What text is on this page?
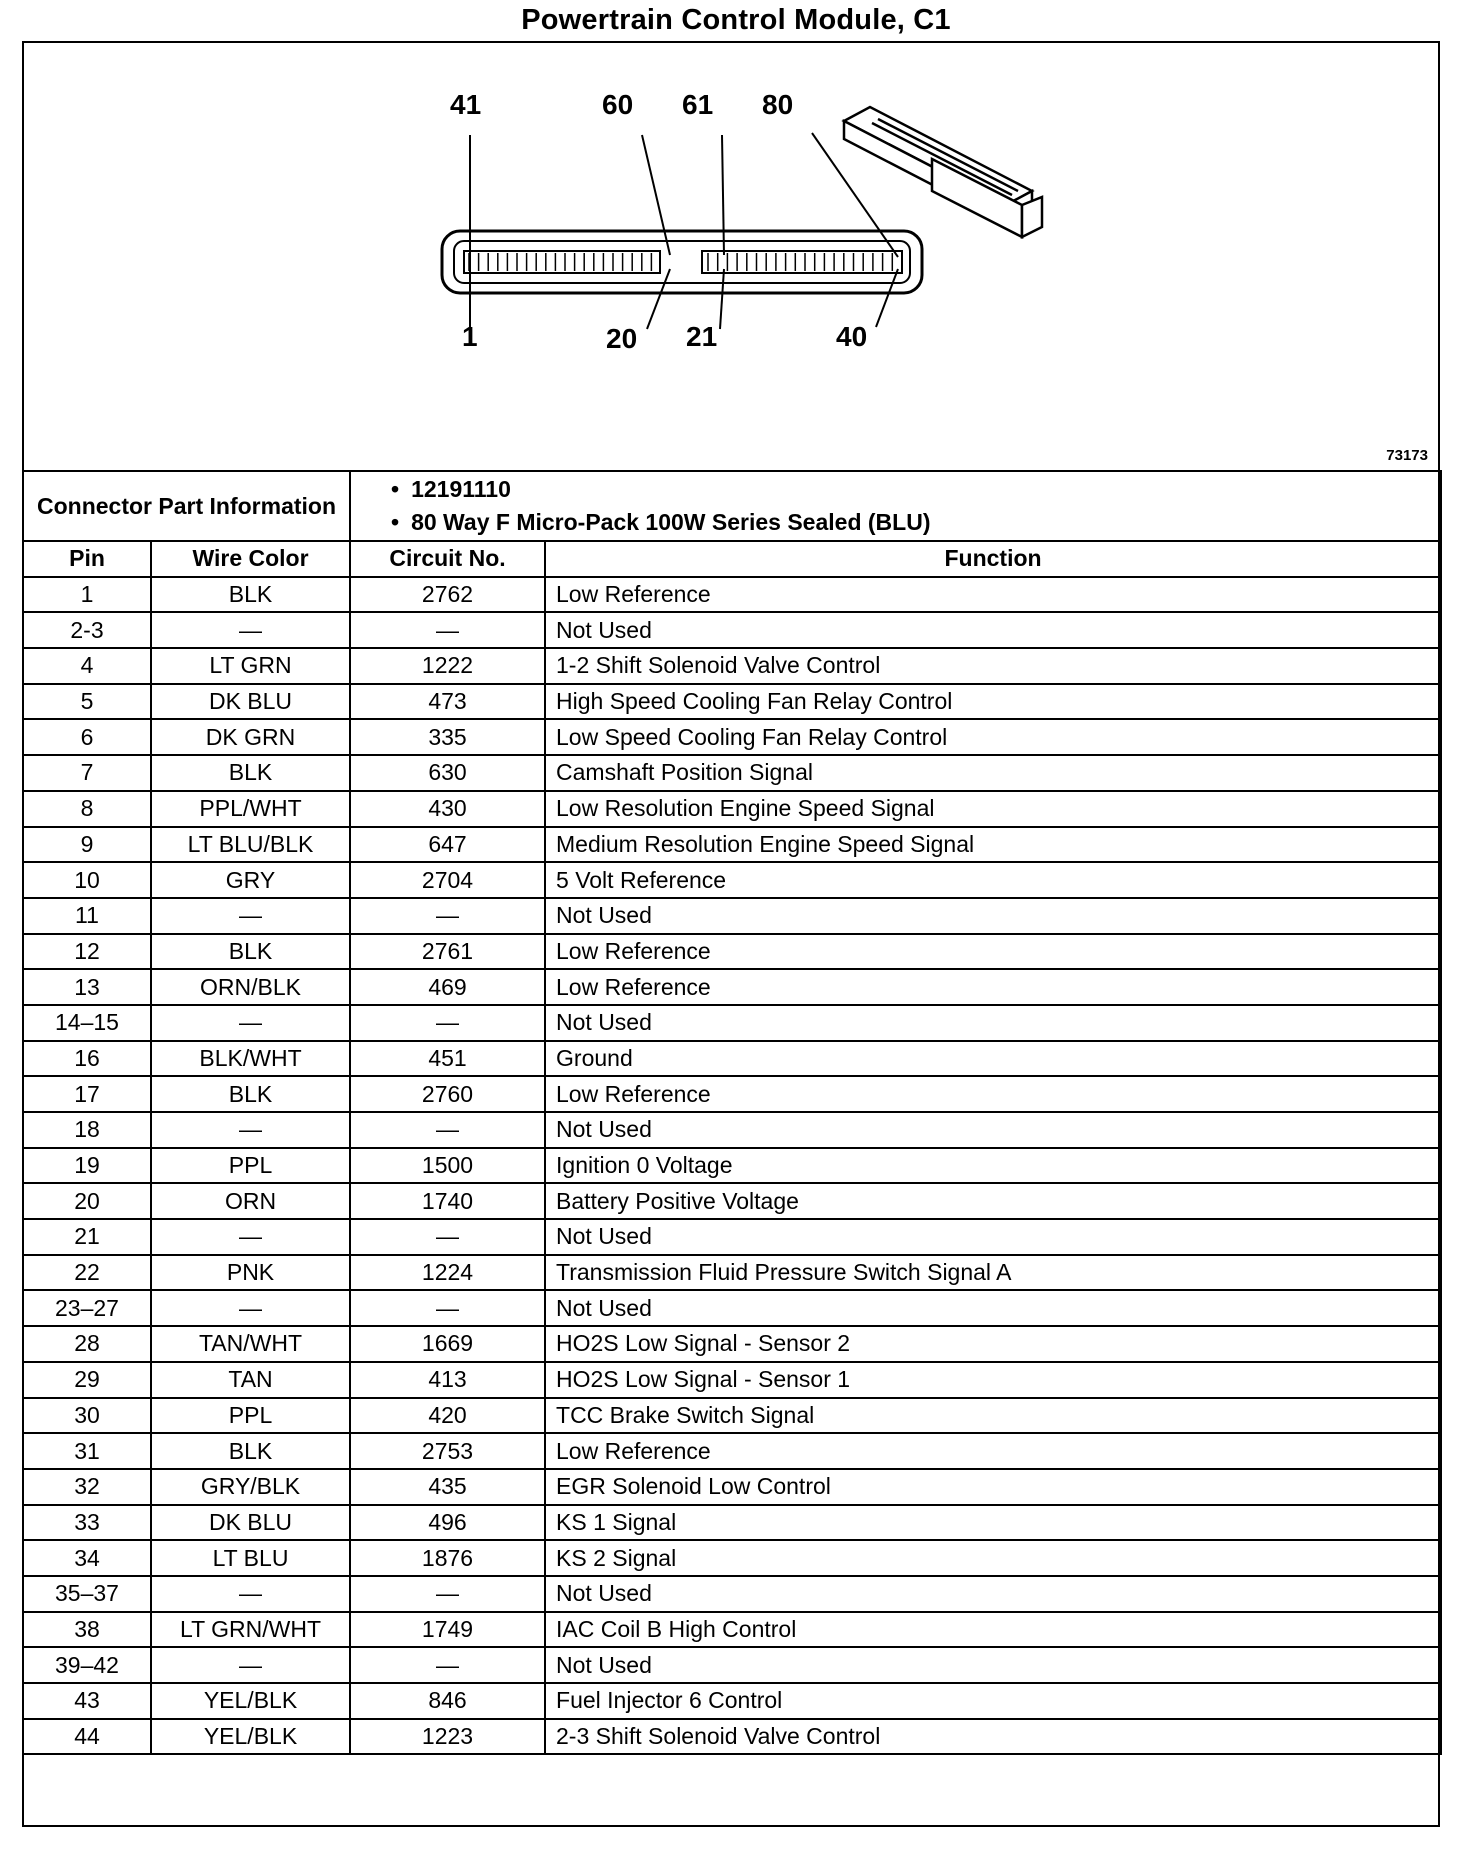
Powertrain Control Module, C1
41	60 61 80
1	20 21	40
73173
Connector Part Information		• 12191110
• 80 Way F Micro-Pack 100W Series Sealed (BLU)

Pin	Wire Color	Circuit No.	Function
1	BLK	2762	Low Reference
2-3	—	—	Not Used
4	LT GRN	1222	1-2 Shift Solenoid Valve Control
5	DK BLU	473	High Speed Cooling Fan Relay Control
6	DK GRN	335	Low Speed Cooling Fan Relay Control
7	BLK	630	Camshaft Position Signal
8	PPL/WHT	430	Low Resolution Engine Speed Signal
9	LT BLU/BLK	647	Medium Resolution Engine Speed Signal
10	GRY	2704	5 Volt Reference
11	—	—	Not Used
12	BLK	2761	Low Reference
13	ORN/BLK	469	Low Reference
14–15	—	—	Not Used
16	BLK/WHT	451	Ground
17	BLK	2760	Low Reference
18	—	—	Not Used
19	PPL	1500	Ignition 0 Voltage
20	ORN	1740	Battery Positive Voltage
21	—	—	Not Used
22	PNK	1224	Transmission Fluid Pressure Switch Signal A
23–27	—	—	Not Used
28	TAN/WHT	1669	HO2S Low Signal - Sensor 2
29	TAN	413	HO2S Low Signal - Sensor 1
30	PPL	420	TCC Brake Switch Signal
31	BLK	2753	Low Reference
32	GRY/BLK	435	EGR Solenoid Low Control
33	DK BLU	496	KS 1 Signal
34	LT BLU	1876	KS 2 Signal
35–37	—	—	Not Used
38	LT GRN/WHT	1749	IAC Coil B High Control
39–42	—	—	Not Used
43	YEL/BLK	846	Fuel Injector 6 Control
44	YEL/BLK	1223	2-3 Shift Solenoid Valve Control
